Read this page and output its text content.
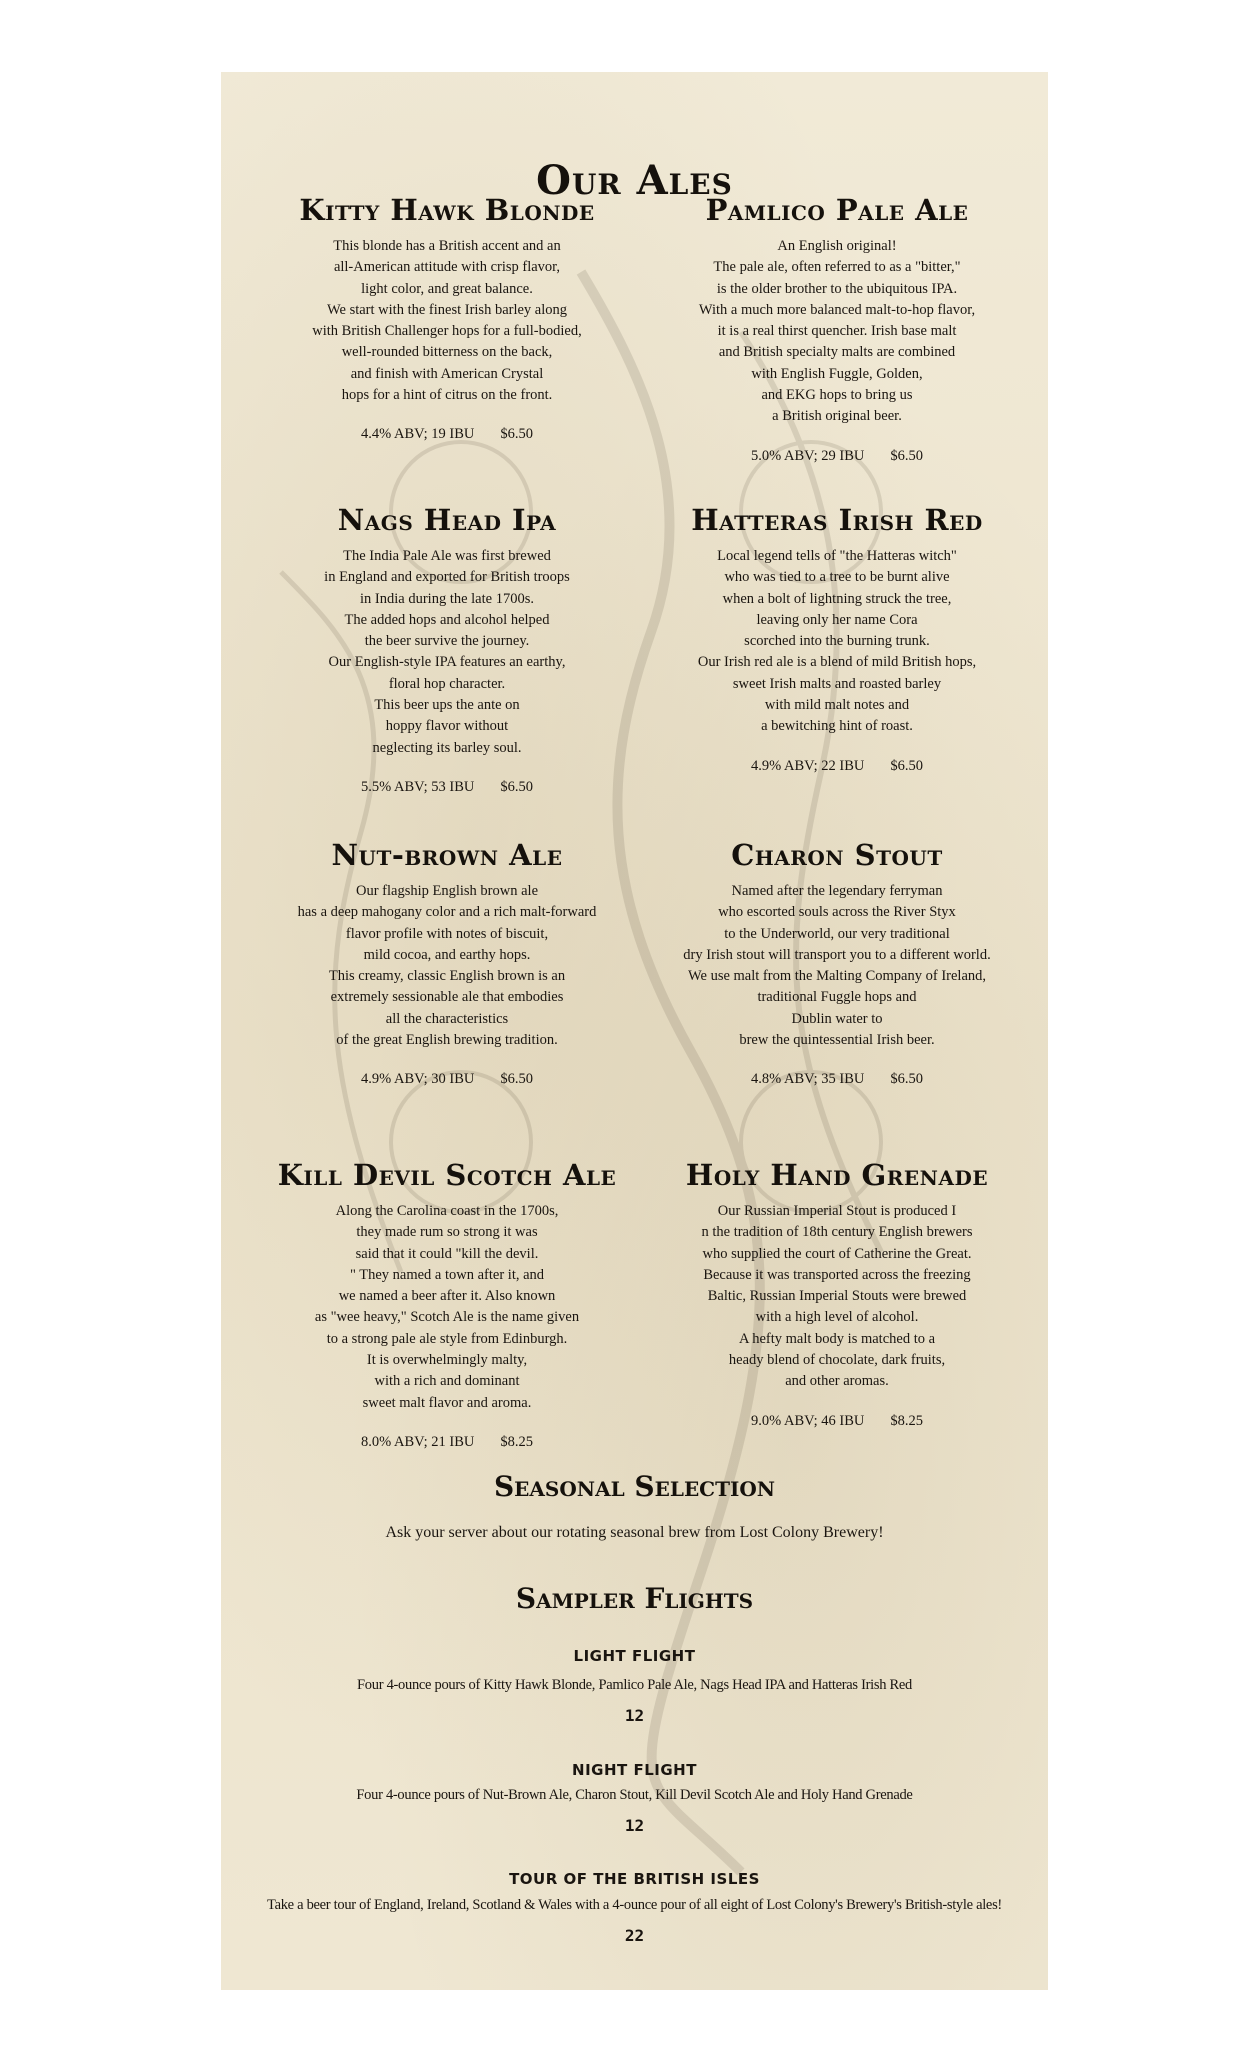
Our Ales
Kitty Hawk Blonde

This blonde has a British accent and an
all-American attitude with crisp flavor,
light color, and great balance.
We start with the finest Irish barley along
with British Challenger hops for a full-bodied,
well-rounded bitterness on the back,
and finish with American Crystal
hops for a hint of citrus on the front.

4.4% ABV; 19 IBU $6.50
Pamlico Pale Ale

An English original!
The pale ale, often referred to as a "bitter,"
is the older brother to the ubiquitous IPA.
With a much more balanced malt-to-hop flavor,
it is a real thirst quencher. Irish base malt
and British specialty malts are combined
with English Fuggle, Golden,
and EKG hops to bring us
a British original beer.

5.0% ABV; 29 IBU $6.50
Nags Head Ipa

The India Pale Ale was first brewed
in England and exported for British troops
in India during the late 1700s.
The added hops and alcohol helped
the beer survive the journey.
Our English-style IPA features an earthy,
floral hop character.
This beer ups the ante on
hoppy flavor without
neglecting its barley soul.

5.5% ABV; 53 IBU $6.50
Hatteras Irish Red

Local legend tells of "the Hatteras witch"
who was tied to a tree to be burnt alive
when a bolt of lightning struck the tree,
leaving only her name Cora
scorched into the burning trunk.
Our Irish red ale is a blend of mild British hops,
sweet Irish malts and roasted barley
with mild malt notes and
a bewitching hint of roast.

4.9% ABV; 22 IBU $6.50
Nut-brown Ale

Our flagship English brown ale
has a deep mahogany color and a rich malt-forward
flavor profile with notes of biscuit,
mild cocoa, and earthy hops.
This creamy, classic English brown is an
extremely sessionable ale that embodies
all the characteristics
of the great English brewing tradition.

4.9% ABV; 30 IBU $6.50
Charon Stout

Named after the legendary ferryman
who escorted souls across the River Styx
to the Underworld, our very traditional
dry Irish stout will transport you to a different world.
We use malt from the Malting Company of Ireland,
traditional Fuggle hops and
Dublin water to
brew the quintessential Irish beer.

4.8% ABV; 35 IBU $6.50
Kill Devil Scotch Ale

Along the Carolina coast in the 1700s,
they made rum so strong it was
said that it could "kill the devil.
" They named a town after it, and
we named a beer after it. Also known
as "wee heavy," Scotch Ale is the name given
to a strong pale ale style from Edinburgh.
It is overwhelmingly malty,
with a rich and dominant
sweet malt flavor and aroma.

8.0% ABV; 21 IBU $8.25
Holy Hand Grenade

Our Russian Imperial Stout is produced I
n the tradition of 18th century English brewers
who supplied the court of Catherine the Great.
Because it was transported across the freezing
Baltic, Russian Imperial Stouts were brewed
with a high level of alcohol.
A hefty malt body is matched to a
heady blend of chocolate, dark fruits,
and other aromas.

9.0% ABV; 46 IBU $8.25
Seasonal Selection

Ask your server about our rotating seasonal brew from Lost Colony Brewery!

Sampler Flights

LIGHT FLIGHT

Four 4-ounce pours of Kitty Hawk Blonde, Pamlico Pale Ale, Nags Head IPA and Hatteras Irish Red

12

NIGHT FLIGHT

Four 4-ounce pours of Nut-Brown Ale, Charon Stout, Kill Devil Scotch Ale and Holy Hand Grenade

12

TOUR OF THE BRITISH ISLES

Take a beer tour of England, Ireland, Scotland & Wales with a 4-ounce pour of all eight of Lost Colony's Brewery's British-style ales!

22
